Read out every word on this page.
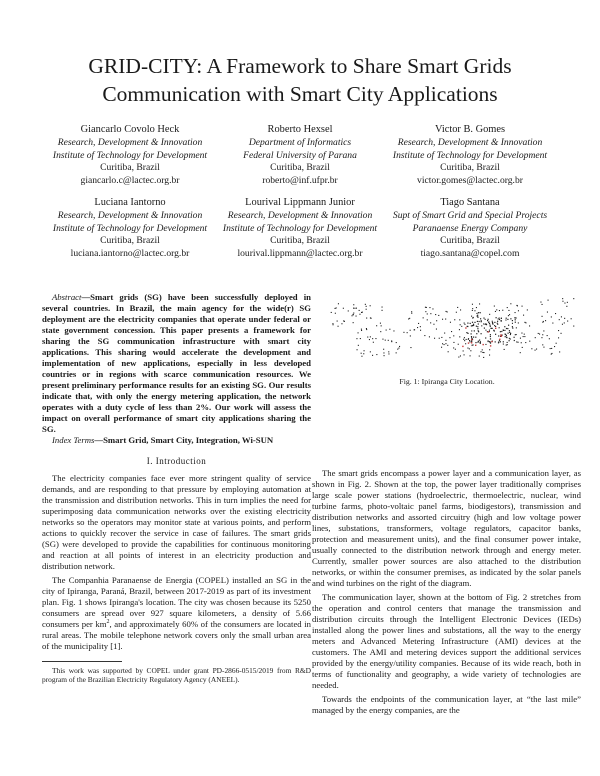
GRID-CITY: A Framework to Share Smart Grids
Communication with Smart City Applications
Giancarlo Covolo Heck
Research, Development & Innovation
Institute of Technology for Development
Curitiba, Brazil
giancarlo.c@lactec.org.br
Roberto Hexsel
Department of Informatics
Federal University of Parana
Curitiba, Brazil
roberto@inf.ufpr.br
Victor B. Gomes
Research, Development & Innovation
Institute of Technology for Development
Curitiba, Brazil
victor.gomes@lactec.org.br
Luciana Iantorno
Research, Development & Innovation
Institute of Technology for Development
Curitiba, Brazil
luciana.iantorno@lactec.org.br
Lourival Lippmann Junior
Research, Development & Innovation
Institute of Technology for Development
Curitiba, Brazil
lourival.lippmann@lactec.org.br
Tiago Santana
Supt of Smart Grid and Special Projects
Paranaense Energy Company
Curitiba, Brazil
tiago.santana@copel.com

Abstract—Smart grids (SG) have been successfully deployed in several countries. In Brazil, the main agency for the wide(r) SG deployment are the electricity companies that operate under federal or state government concession. This paper presents a framework for sharing the SG communication infrastructure with smart city applications. This sharing would accelerate the development and implementation of new applications, especially in less developed countries or in regions with scarce communication resources. We present preliminary performance results for an existing SG. Our results indicate that, with only the energy metering application, the network operates with a duty cycle of less than 2%. Our work will assess the impact on overall performance of smart city applications sharing the SG.

Index Terms—Smart Grid, Smart City, Integration, Wi-SUN

I. Introduction

The electricity companies face ever more stringent quality of service demands, and are responding to that pressure by employing automation at the transmission and distribution networks. This in turn implies the need for superimposing data communication networks over the existing electricity networks so the operators may monitor state at various points, and perform actions to quickly recover the service in case of failures. The smart grids (SG) were developed to provide the capabilities for continuous monitoring and reaction at all points of interest in an electricity production and distribution network.

The Companhia Paranaense de Energia (COPEL) installed an SG in the city of Ipiranga, Paraná, Brazil, between 2017-2019 as part of its investment plan. Fig. 1 shows Ipiranga's location. The city was chosen because its 5250 consumers are spread over 927 square kilometers, a density of 5.66 consumers per $km^2$, and approximately 60% of the consumers are located in rural areas. The mobile telephone network covers only the small urban area of the municipality [1].

This work was supported by COPEL under grant PD-2866-0515/2019 from R&D program of the Brazilian Electricity Regulatory Agency (ANEEL).

Fig. 1: Ipiranga City Location.

The smart grids encompass a power layer and a communication layer, as shown in Fig. 2. Shown at the top, the power layer traditionally comprises large scale power stations (hydroelectric, thermoelectric, nuclear, wind turbine farms, photo-voltaic panel farms, biodigestors), transmission and distribution networks and assorted circuitry (high and low voltage power lines, substations, transformers, voltage regulators, capacitor banks, protection and measurement units), and the final consumer power intake, usually connected to the distribution network through and energy meter. Currently, smaller power sources are also attached to the distribution networks, or within the consumer premises, as indicated by the solar panels and wind turbines on the right of the diagram.

The communication layer, shown at the bottom of Fig. 2 stretches from the operation and control centers that manage the transmission and distribution circuits through the Intelligent Electronic Devices (IEDs) installed along the power lines and substations, all the way to the energy meters and Advanced Metering Infrastructure (AMI) devices at the customers. The AMI and metering devices support the additional services provided by the energy/utility companies. Because of its wide reach, both in terms of functionality and geography, a wide variety of technologies are needed.

Towards the endpoints of the communication layer, at “the last mile” managed by the energy companies, are the
